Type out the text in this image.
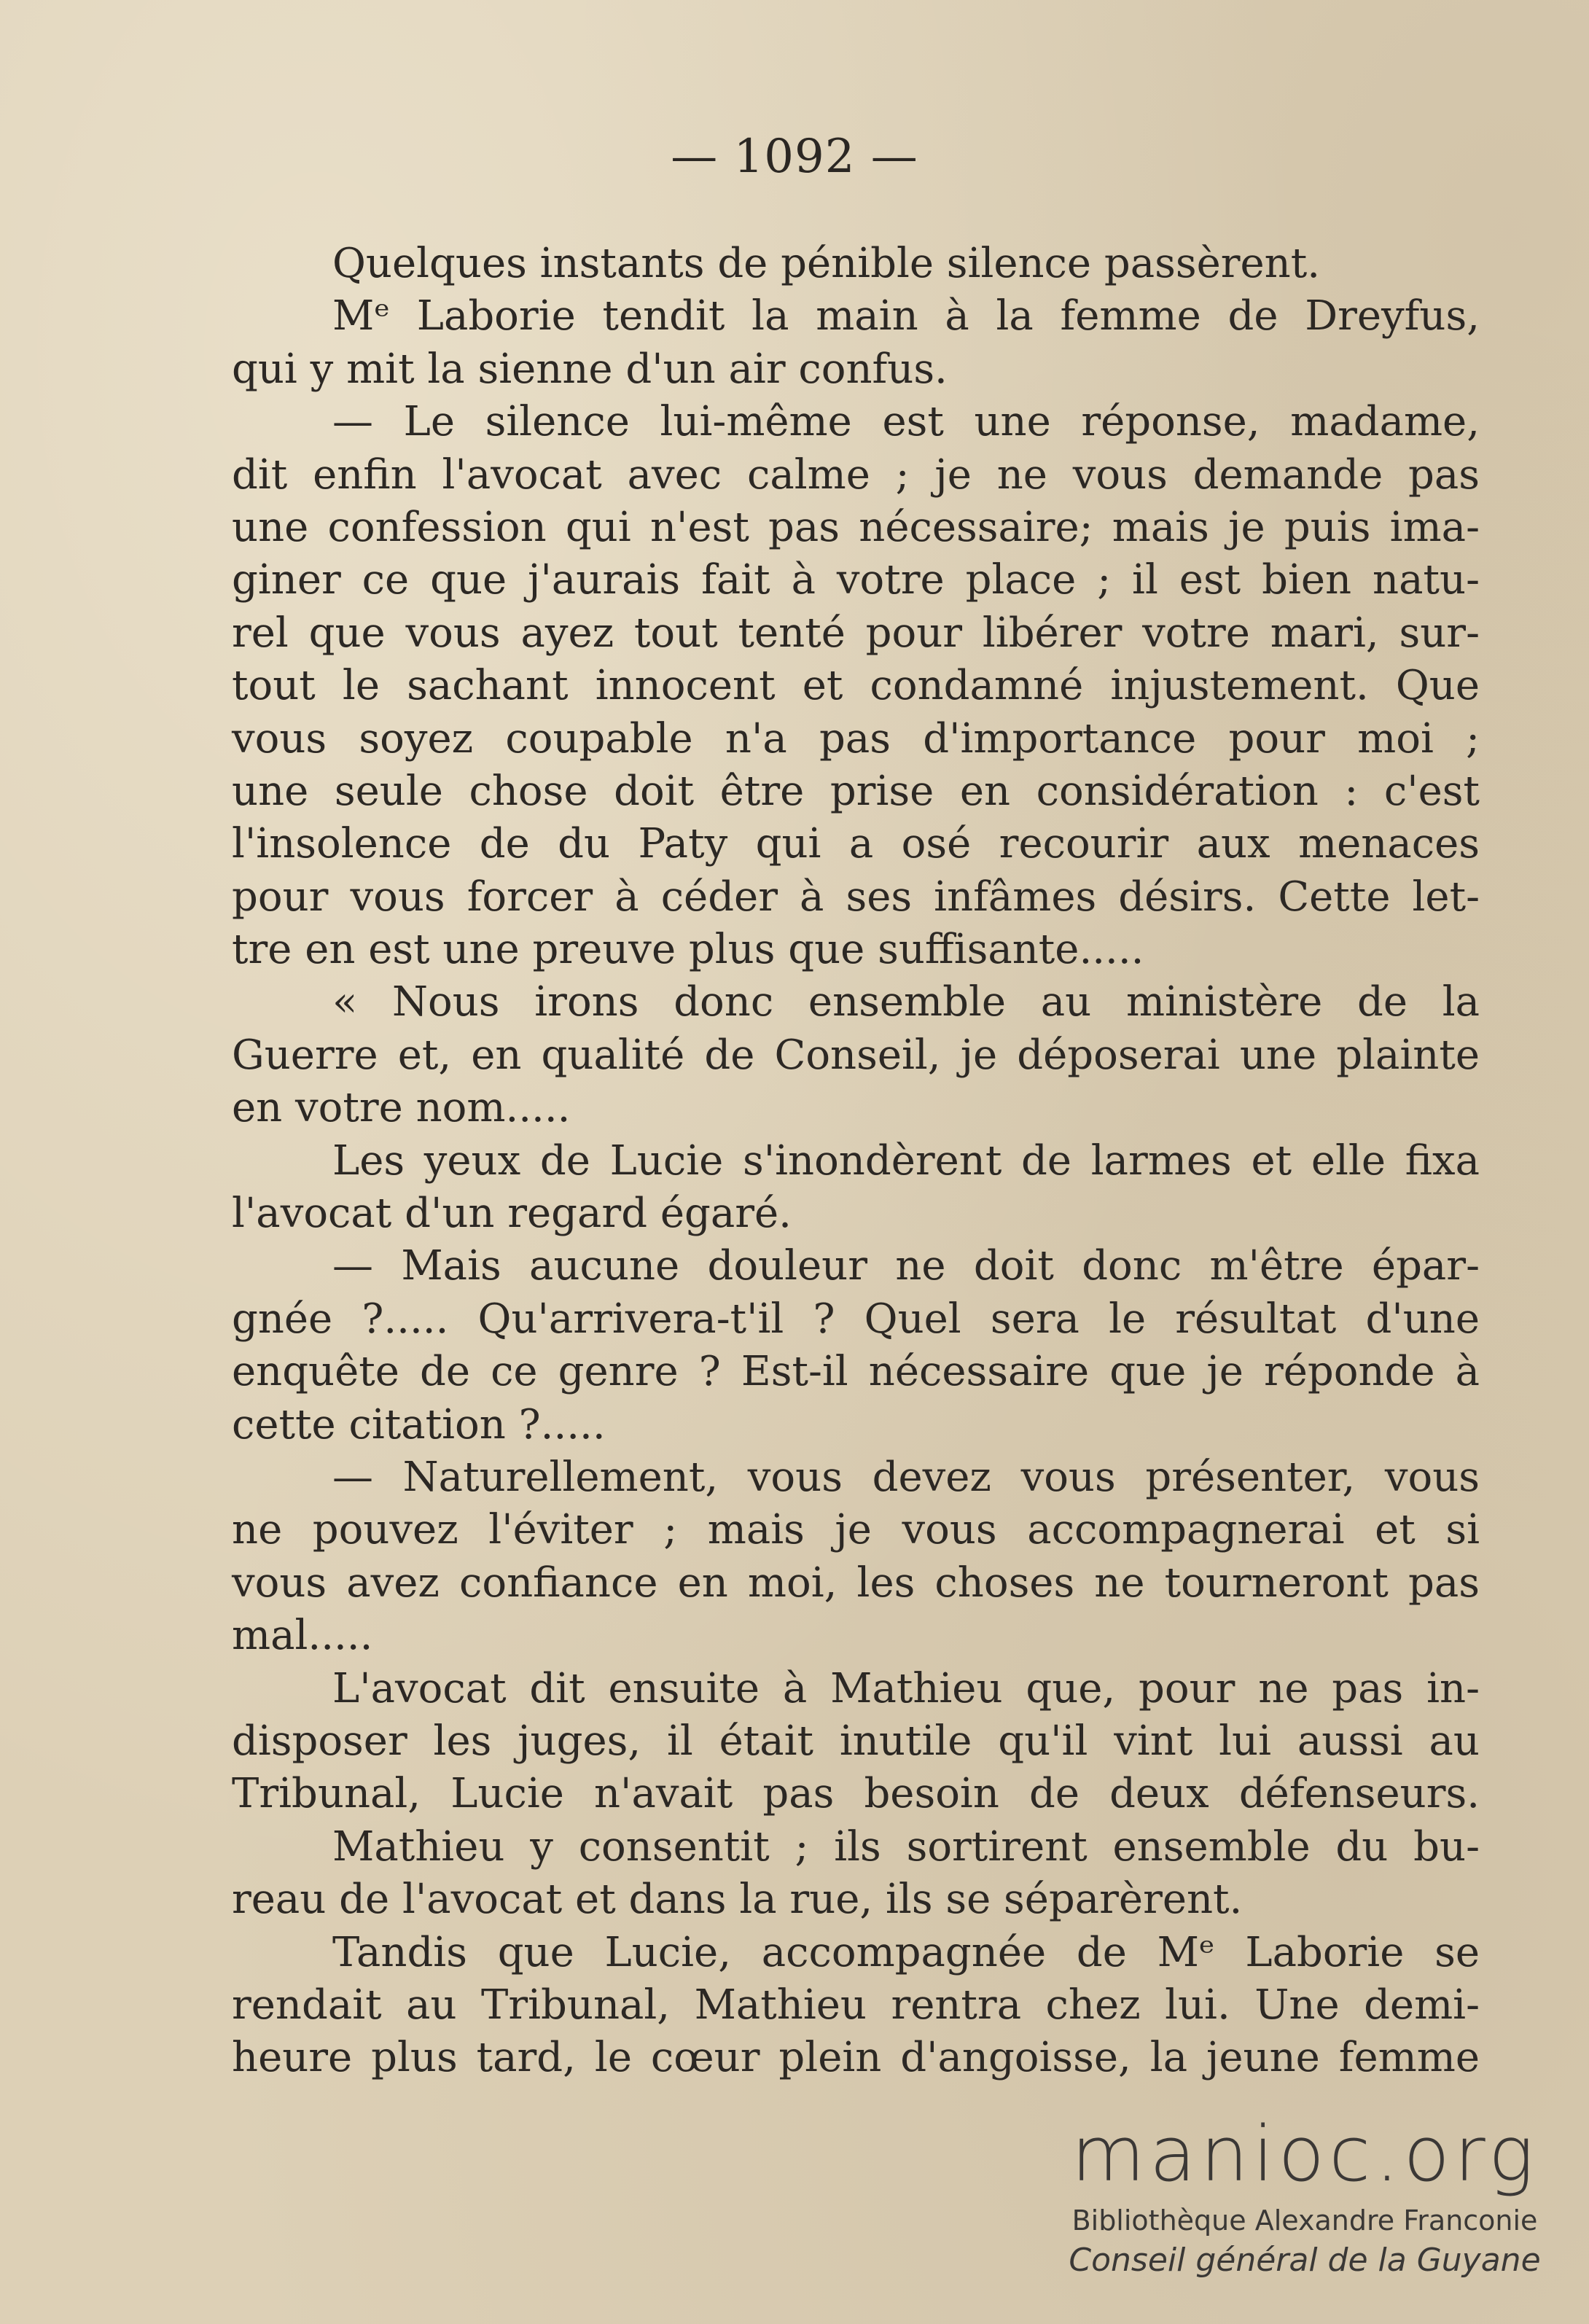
— 1092 —
Quelques instants de pénible silence passèrent.
Mᵉ Laborie tendit la main à la femme de Dreyfus,
qui y mit la sienne d'un air confus.
— Le silence lui-même est une réponse, madame,
dit enfin l'avocat avec calme ; je ne vous demande pas
une confession qui n'est pas nécessaire; mais je puis ima-
giner ce que j'aurais fait à votre place ; il est bien natu-
rel que vous ayez tout tenté pour libérer votre mari, sur-
tout le sachant innocent et condamné injustement. Que
vous soyez coupable n'a pas d'importance pour moi ;
une seule chose doit être prise en considération : c'est
l'insolence de du Paty qui a osé recourir aux menaces
pour vous forcer à céder à ses infâmes désirs. Cette let-
tre en est une preuve plus que suffisante.....
« Nous irons donc ensemble au ministère de la
Guerre et, en qualité de Conseil, je déposerai une plainte
en votre nom.....
Les yeux de Lucie s'inondèrent de larmes et elle fixa
l'avocat d'un regard égaré.
— Mais aucune douleur ne doit donc m'être épar-
gnée ?..... Qu'arrivera-t'il ? Quel sera le résultat d'une
enquête de ce genre ? Est-il nécessaire que je réponde à
cette citation ?.....
— Naturellement, vous devez vous présenter, vous
ne pouvez l'éviter ; mais je vous accompagnerai et si
vous avez confiance en moi, les choses ne tourneront pas
mal.....
L'avocat dit ensuite à Mathieu que, pour ne pas in-
disposer les juges, il était inutile qu'il vint lui aussi au
Tribunal, Lucie n'avait pas besoin de deux défenseurs.
Mathieu y consentit ; ils sortirent ensemble du bu-
reau de l'avocat et dans la rue, ils se séparèrent.
Tandis que Lucie, accompagnée de Mᵉ Laborie se
rendait au Tribunal, Mathieu rentra chez lui. Une demi-
heure plus tard, le cœur plein d'angoisse, la jeune femme
manioc.org
Bibliothèque Alexandre Franconie
Conseil général de la Guyane
